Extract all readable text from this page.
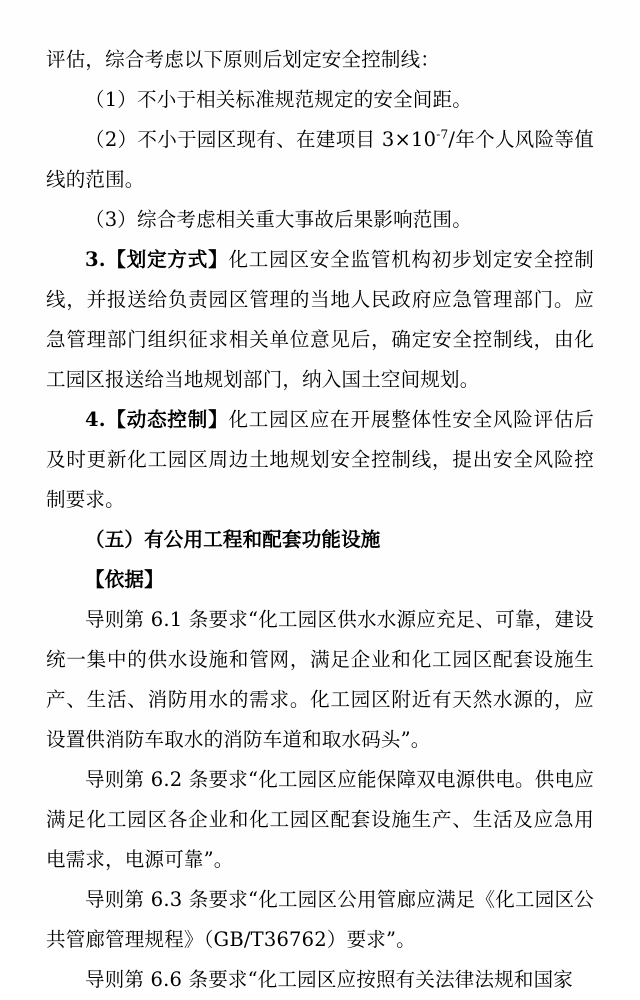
评估，综合考虑以下原则后划定安全控制线：

（1）不小于相关标准规范规定的安全间距。

（2）不小于园区现有、在建项目 $3\times 10^{-7}/$年个人风险等值线的范围。

（3）综合考虑相关重大事故后果影响范围。

3.【划定方式】化工园区安全监管机构初步划定安全控制线，并报送给负责园区管理的当地人民政府应急管理部门。应急管理部门组织征求相关单位意见后，确定安全控制线，由化工园区报送给当地规划部门，纳入国土空间规划。

4.【动态控制】化工园区应在开展整体性安全风险评估后及时更新化工园区周边土地规划安全控制线，提出安全风险控制要求。

（五）有公用工程和配套功能设施

【依据】

导则第 6.1 条要求“化工园区供水水源应充足、可靠，建设统一集中的供水设施和管网，满足企业和化工园区配套设施生产、生活、消防用水的需求。化工园区附近有天然水源的，应设置供消防车取水的消防车道和取水码头”。

导则第 6.2 条要求“化工园区应能保障双电源供电。供电应满足化工园区各企业和化工园区配套设施生产、生活及应急用电需求，电源可靠”。

导则第 6.3 条要求“化工园区公用管廊应满足《化工园区公共管廊管理规程》（GB/T36762）要求”。

导则第 6.6 条要求“化工园区应按照有关法律法规和国家
